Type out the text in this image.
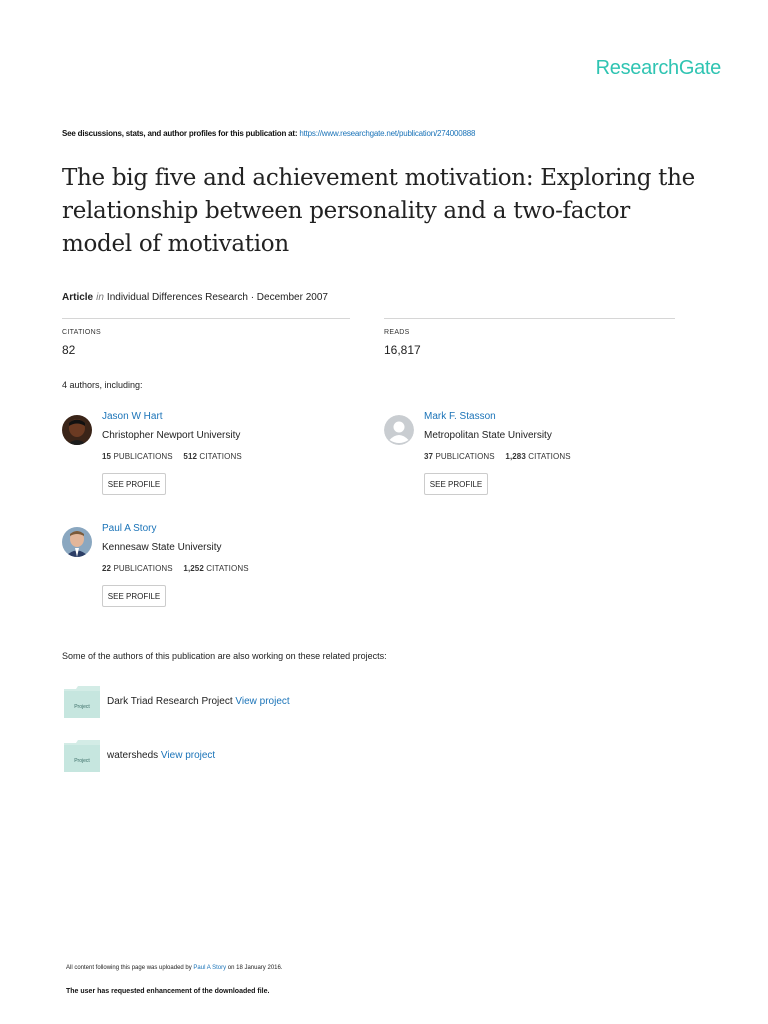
ResearchGate
See discussions, stats, and author profiles for this publication at: https://www.researchgate.net/publication/274000888
The big five and achievement motivation: Exploring the relationship between personality and a two-factor model of motivation
Article in Individual Differences Research · December 2007
CITATIONS
82
READS
16,817
4 authors, including:
Jason W Hart
Christopher Newport University
15 PUBLICATIONS 512 CITATIONS
SEE PROFILE
Mark F. Stasson
Metropolitan State University
37 PUBLICATIONS 1,283 CITATIONS
SEE PROFILE
Paul A Story
Kennesaw State University
22 PUBLICATIONS 1,252 CITATIONS
SEE PROFILE
Some of the authors of this publication are also working on these related projects:
Project Dark Triad Research Project View project
Project watersheds View project
All content following this page was uploaded by Paul A Story on 18 January 2016.
The user has requested enhancement of the downloaded file.
